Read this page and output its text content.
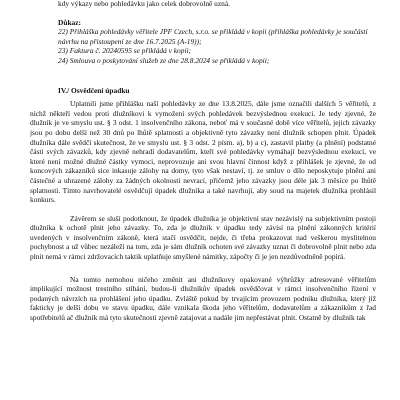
kdy výkazy nebo pohledávku jako celek dobrovolně uzná.
Důkaz:
22) Přihláška pohledávky věřitele JPF Czech, s.r.o. se přikládá v kopii (přihláška pohledávky je součástí návrhu na přistoupení ze dne 16.7.2025 (A-19));
23) Faktura č. 20240595 se přikládá v kopii;
24) Smlouva o poskytování služeb ze dne 28.8.2024 se přikládá v kopii;
IV./ Osvědčení úpadku
Uplatnili jsme přihlášku naší pohledávky ze dne 13.8.2025, dále jsme označili dalších 5 věřitelů, z nichž někteří vedou proti dlužníkovi k vymožení svých pohledávek bezvýslednou exekuci. Je tedy zjevné, že dlužník je ve smyslu ust. § 3 odst. 1 insolvenčního zákona, neboť má v současné době více věřitelů, jejich závazky jsou po dobu delší než 30 dnů po lhůtě splatnosti a objektivně tyto závazky není dlužník schopen plnit. Úpadek dlužníka dále svědčí skutečnost, že ve smyslu ust. § 3 odst. 2 písm. a), b) a c), zastavil platby (a plnění) podstatné části svých závazků, kdy zjevně nehradí dodavatelům, kteří své pohledávky vymáhají bezvýslednou exekucí, ve které není možné dlužné částky vymoci, neprovozuje ani svou hlavní činnost když z přihlášek je zjevné, že od koncových zákazníků sice inkasuje zálohy na domy, tyto však nestaví, tj. ze smluv o dílo neposkytuje plnění ani částečné a uhrazené zálohy za žádných okolností nevrací, přičemž jeho závazky jsou déle jak 3 měsíce po lhůtě splatnosti. Tímto navrhovatelé osvědčují úpadek dlužníka a také navrhují, aby soud na majetek dlužníka prohlásil konkurs.
Závěrem se sluší podotknout, že úpadek dlužníka je objektivní stav nezávislý na subjektivním postoji dlužníka k ochotě plnit jeho závazky. To, zda je dlužník v úpadku tedy závisí na plnění zákonných kritérií uvedených v insolvenčním zákoně, která stačí osvědčit, nejde, či třeba prokazovat nad veškerou myslitelnou pochybnost a už vůbec nezáleží na tom, zda je sám dlužník ochoten své závazky uznat či dobrovolně plnit nebo zda plnit nemá v rámci zdržovacích taktik uplatňuje smyšlené námitky, zápočty či je jen nezdůvodněně popírá.
Na tomto nemohou ničeho změnit ani dlužníkovy opakované výhrůžky adresované věřitelům implikující možnost trestního stíhání, budou-li dlužníkův úpadek osvědčovat v rámci insolvenčního řízení v podaných návrzích na prohlášení jeho úpadku. Zvláště pokud by trvajícím provozem podniku dlužníka, který již fakticky je delší dobu ve stavu úpadku, dále vznikala škoda jeho věřitelům, dodavatelům a zákazníkům z řad spotřebitelů ač dlužník má tyto skutečnosti zjevně zatajovat a nadále jim nepřestávat plnit. Ostatně by dlužník tak
